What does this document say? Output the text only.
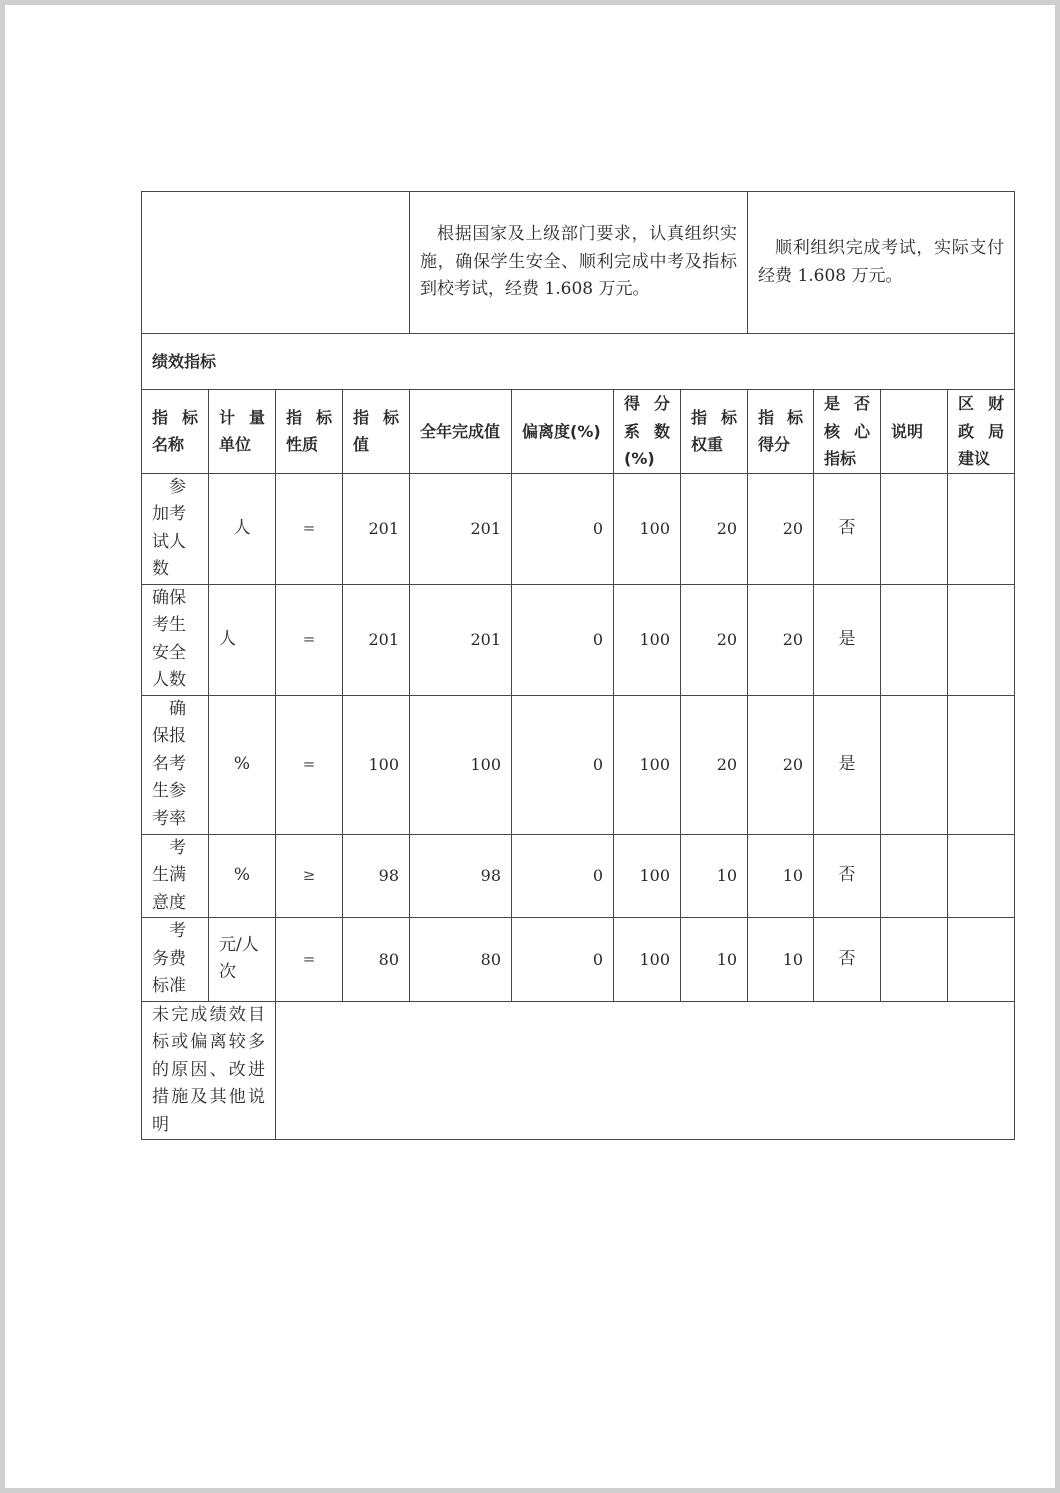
				根据国家及上级部门要求，认真组织实施，确保学生安全、顺利完成中考及指标到校考试，经费 1.608 万元。				顺利组织完成考试，实际支付经费 1.608 万元。			
绩效指标											
指标名称	计量单位	指标性质	指标值	全年完成值	偏离度(%)	得分系数(%)	指标权重	指标得分	是否核心指标	说明	区财政局建议
参加考试人数	人	=	201	201	0	100	20	20	否		
确保考生安全人数	人	=	201	201	0	100	20	20	是		
确保报名考生参考率	%	=	100	100	0	100	20	20	是		
考生满意度	%	≥	98	98	0	100	10	10	否		
考务费标准	元/人次	=	80	80	0	100	10	10	否		
未完成绩效目标或偏离较多的原因、改进措施及其他说明											
